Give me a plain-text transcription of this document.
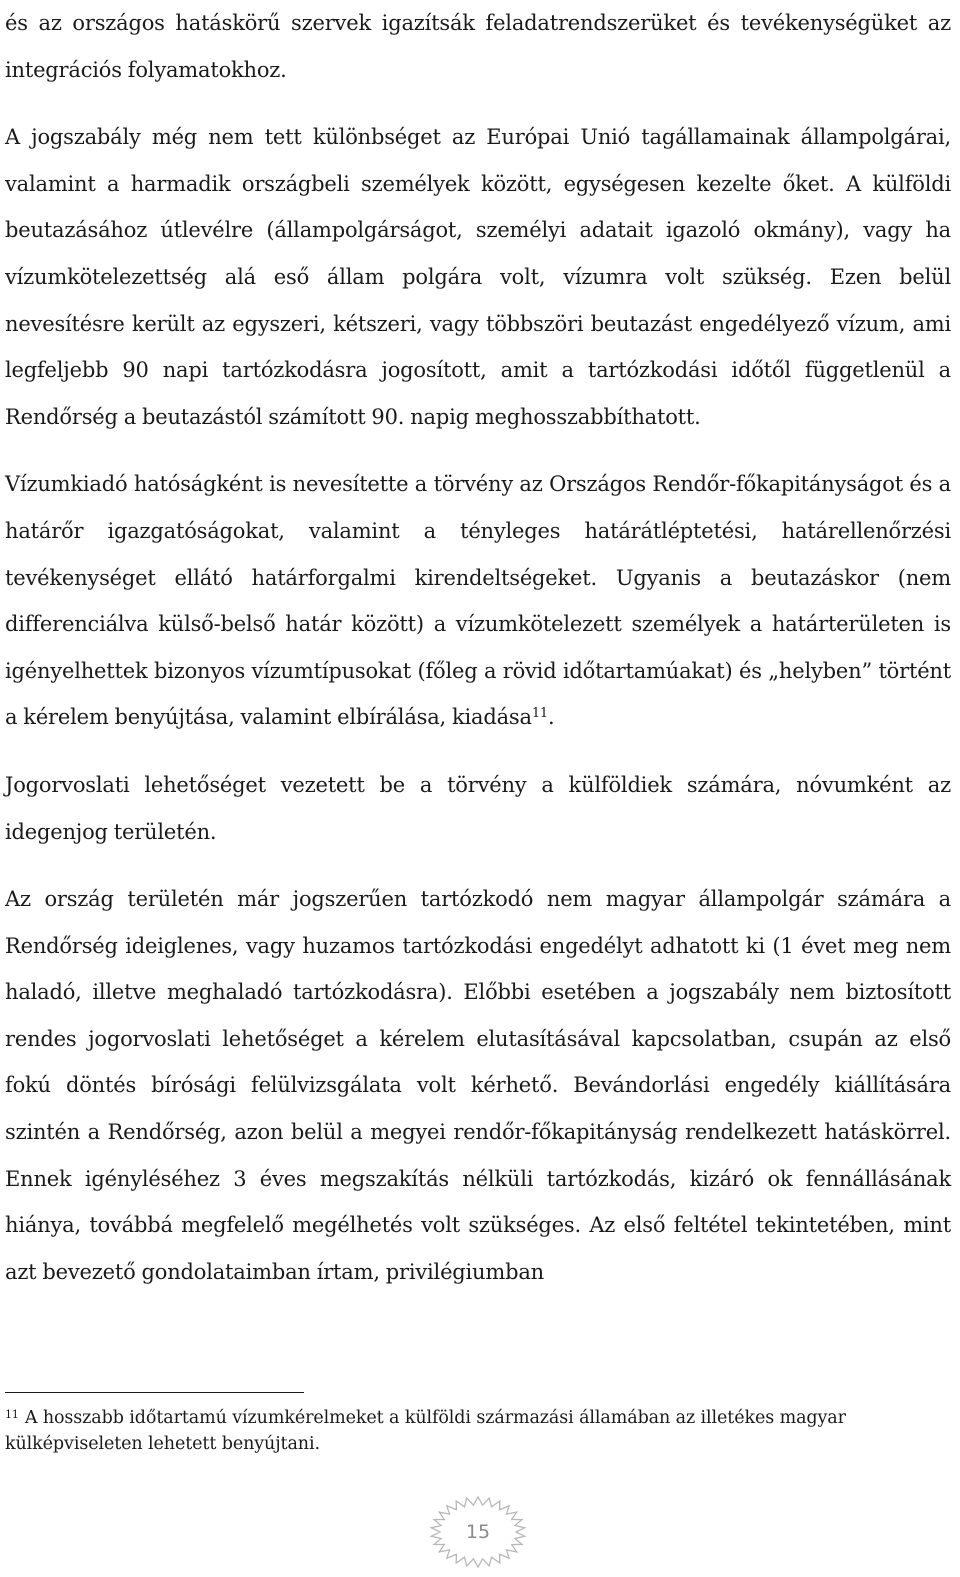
és az országos hatáskörű szervek igazítsák feladatrendszerüket és tevékenységüket az integrációs folyamatokhoz.

A jogszabály még nem tett különbséget az Európai Unió tagállamainak állampolgárai, valamint a harmadik országbeli személyek között, egységesen kezelte őket. A külföldi beutazásához útlevélre (állampolgárságot, személyi adatait igazoló okmány), vagy ha vízumkötelezettség alá eső állam polgára volt, vízumra volt szükség. Ezen belül nevesítésre került az egyszeri, kétszeri, vagy többszöri beutazást engedélyező vízum, ami legfeljebb 90 napi tartózkodásra jogosított, amit a tartózkodási időtől függetlenül a Rendőrség a beutazástól számított 90. napig meghosszabbíthatott.

Vízumkiadó hatóságként is nevesítette a törvény az Országos Rendőr-főkapitányságot és a határőr igazgatóságokat, valamint a tényleges határátléptetési, határellenőrzési tevékenységet ellátó határforgalmi kirendeltségeket. Ugyanis a beutazáskor (nem differenciálva külső-belső határ között) a vízumkötelezett személyek a határterületen is igényelhettek bizonyos vízumtípusokat (főleg a rövid időtartamúakat) és „helyben” történt a kérelem benyújtása, valamint elbírálása, kiadása$^{11}$.

Jogorvoslati lehetőséget vezetett be a törvény a külföldiek számára, nóvumként az idegenjog területén.

Az ország területén már jogszerűen tartózkodó nem magyar állampolgár számára a Rendőrség ideiglenes, vagy huzamos tartózkodási engedélyt adhatott ki (1 évet meg nem haladó, illetve meghaladó tartózkodásra). Előbbi esetében a jogszabály nem biztosított rendes jogorvoslati lehetőséget a kérelem elutasításával kapcsolatban, csupán az első fokú döntés bírósági felülvizsgálata volt kérhető. Bevándorlási engedély kiállítására szintén a Rendőrség, azon belül a megyei rendőr-főkapitányság rendelkezett hatáskörrel. Ennek igényléséhez 3 éves megszakítás nélküli tartózkodás, kizáró ok fennállásának hiánya, továbbá megfelelő megélhetés volt szükséges. Az első feltétel tekintetében, mint azt bevezető gondolataimban írtam, privilégiumban

$^{11}$ A hosszabb időtartamú vízumkérelmeket a külföldi származási államában az illetékes magyar külképviseleten lehetett benyújtani.

15
